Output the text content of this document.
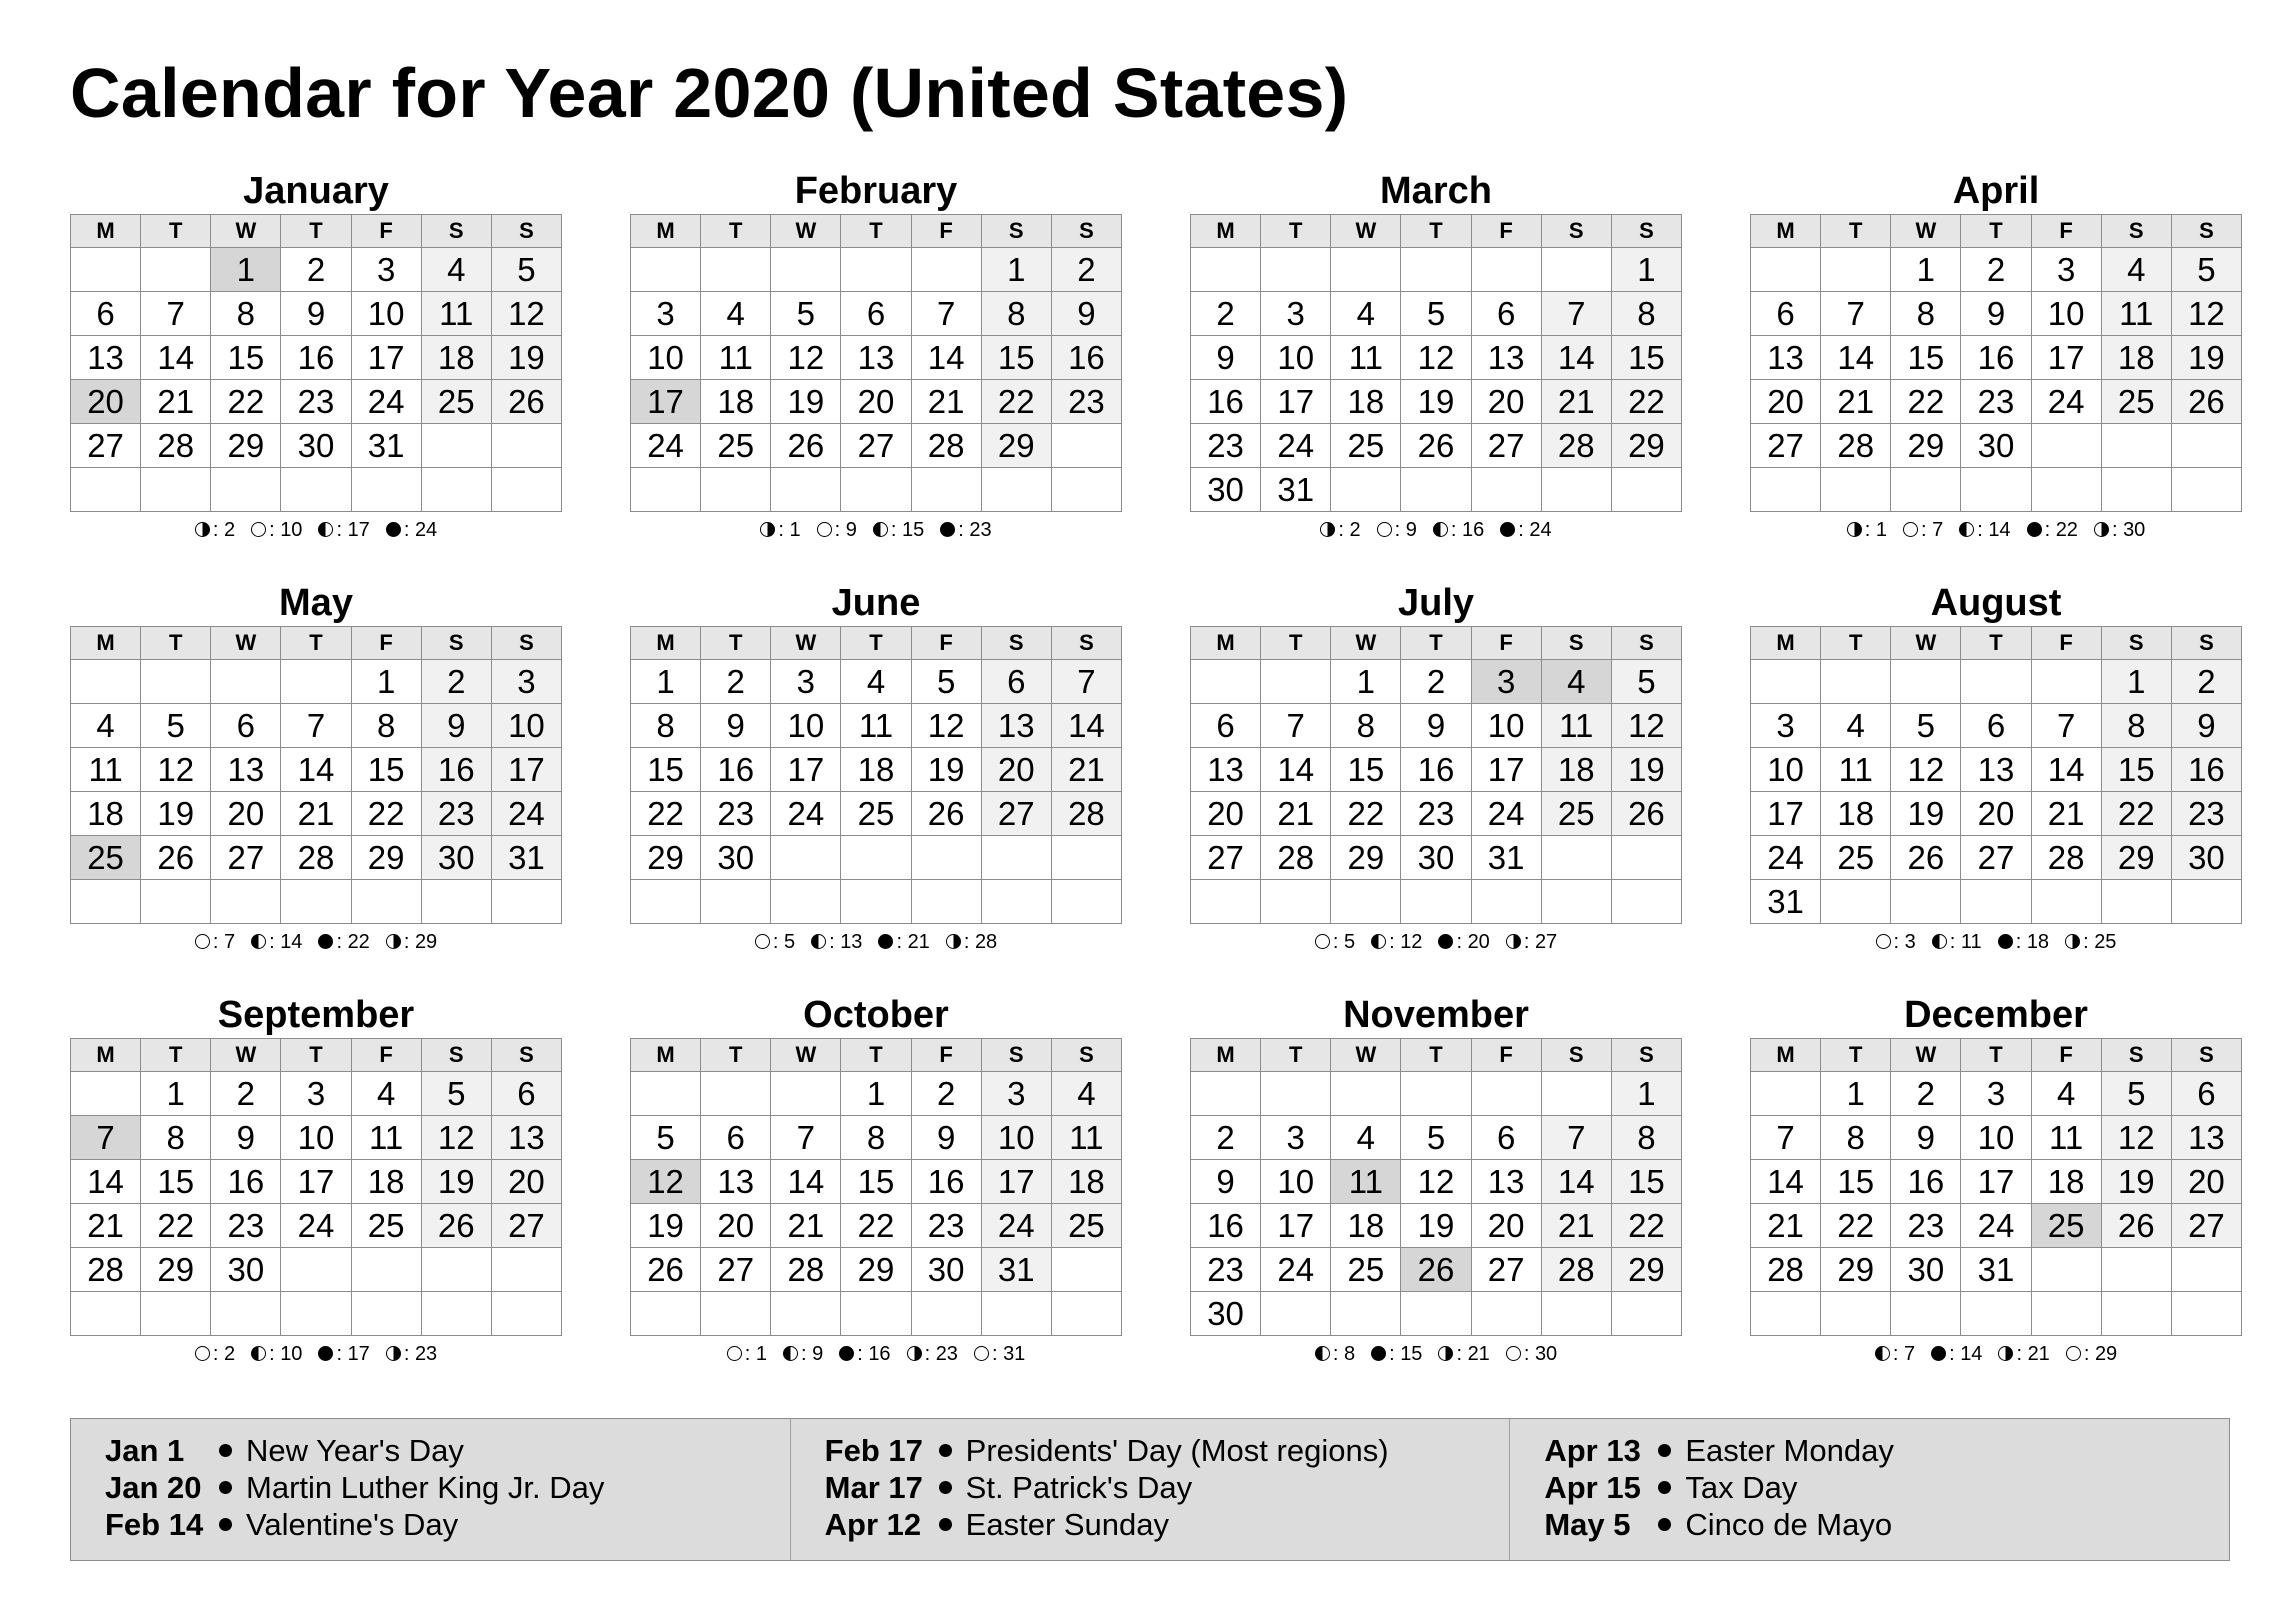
Calendar for Year 2020 (United States)
January
M	T	W	T	F	S	S
		1	2	3	4	5
6	7	8	9	10	11	12
13	14	15	16	17	18	19
20	21	22	23	24	25	26
27	28	29	30	31		

: 2 : 10 : 17 : 24
February
M	T	W	T	F	S	S
					1	2
3	4	5	6	7	8	9
10	11	12	13	14	15	16
17	18	19	20	21	22	23
24	25	26	27	28	29	

: 1 : 9 : 15 : 23
March
M	T	W	T	F	S	S
						1
2	3	4	5	6	7	8
9	10	11	12	13	14	15
16	17	18	19	20	21	22
23	24	25	26	27	28	29
30	31					
: 2 : 9 : 16 : 24
April
M	T	W	T	F	S	S
		1	2	3	4	5
6	7	8	9	10	11	12
13	14	15	16	17	18	19
20	21	22	23	24	25	26
27	28	29	30			

: 1 : 7 : 14 : 22 : 30
May
M	T	W	T	F	S	S
				1	2	3
4	5	6	7	8	9	10
11	12	13	14	15	16	17
18	19	20	21	22	23	24
25	26	27	28	29	30	31

: 7 : 14 : 22 : 29
June
M	T	W	T	F	S	S
1	2	3	4	5	6	7
8	9	10	11	12	13	14
15	16	17	18	19	20	21
22	23	24	25	26	27	28
29	30					

: 5 : 13 : 21 : 28
July
M	T	W	T	F	S	S
		1	2	3	4	5
6	7	8	9	10	11	12
13	14	15	16	17	18	19
20	21	22	23	24	25	26
27	28	29	30	31		

: 5 : 12 : 20 : 27
August
M	T	W	T	F	S	S
					1	2
3	4	5	6	7	8	9
10	11	12	13	14	15	16
17	18	19	20	21	22	23
24	25	26	27	28	29	30
31						
: 3 : 11 : 18 : 25
September
M	T	W	T	F	S	S
	1	2	3	4	5	6
7	8	9	10	11	12	13
14	15	16	17	18	19	20
21	22	23	24	25	26	27
28	29	30				

: 2 : 10 : 17 : 23
October
M	T	W	T	F	S	S
			1	2	3	4
5	6	7	8	9	10	11
12	13	14	15	16	17	18
19	20	21	22	23	24	25
26	27	28	29	30	31	

: 1 : 9 : 16 : 23 : 31
November
M	T	W	T	F	S	S
						1
2	3	4	5	6	7	8
9	10	11	12	13	14	15
16	17	18	19	20	21	22
23	24	25	26	27	28	29
30						
: 8 : 15 : 21 : 30
December
M	T	W	T	F	S	S
	1	2	3	4	5	6
7	8	9	10	11	12	13
14	15	16	17	18	19	20
21	22	23	24	25	26	27
28	29	30	31			

: 7 : 14 : 21 : 29
Jan 1 New Year's Day
Jan 20 Martin Luther King Jr. Day
Feb 14 Valentine's Day
Feb 17 Presidents' Day (Most regions)
Mar 17 St. Patrick's Day
Apr 12 Easter Sunday
Apr 13 Easter Monday
Apr 15 Tax Day
May 5 Cinco de Mayo
